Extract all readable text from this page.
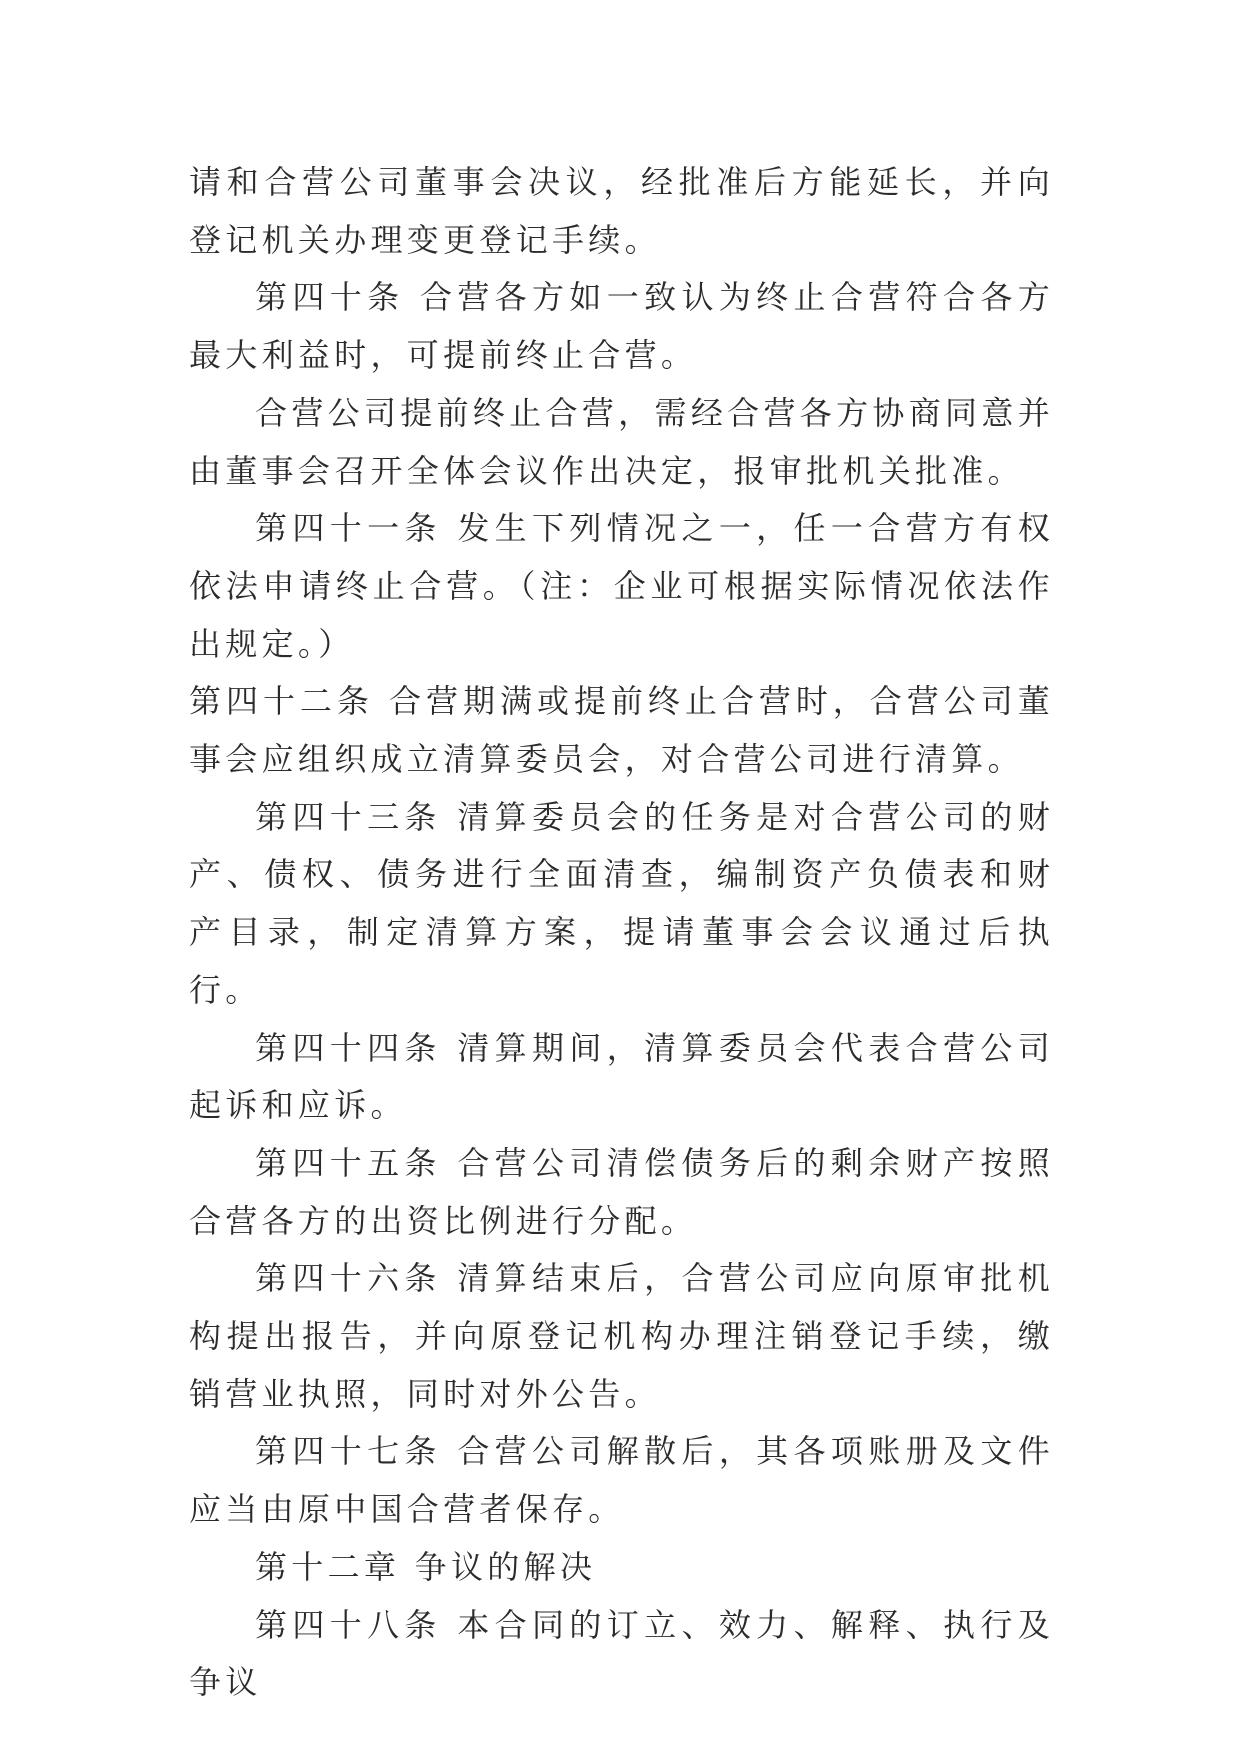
请和合营公司董事会决议，经批准后方能延长，并向登记机关办理变更登记手续。

第四十条 合营各方如一致认为终止合营符合各方最大利益时，可提前终止合营。

合营公司提前终止合营，需经合营各方协商同意并由董事会召开全体会议作出决定，报审批机关批准。

第四十一条 发生下列情况之一，任一合营方有权依法申请终止合营。（注：企业可根据实际情况依法作出规定。）

第四十二条 合营期满或提前终止合营时，合营公司董事会应组织成立清算委员会，对合营公司进行清算。

第四十三条 清算委员会的任务是对合营公司的财产、债权、债务进行全面清查，编制资产负债表和财产目录，制定清算方案，提请董事会会议通过后执行。

第四十四条 清算期间，清算委员会代表合营公司起诉和应诉。

第四十五条 合营公司清偿债务后的剩余财产按照合营各方的出资比例进行分配。

第四十六条 清算结束后，合营公司应向原审批机构提出报告，并向原登记机构办理注销登记手续，缴销营业执照，同时对外公告。

第四十七条 合营公司解散后，其各项账册及文件应当由原中国合营者保存。

第十二章 争议的解决

第四十八条 本合同的订立、效力、解释、执行及争议
